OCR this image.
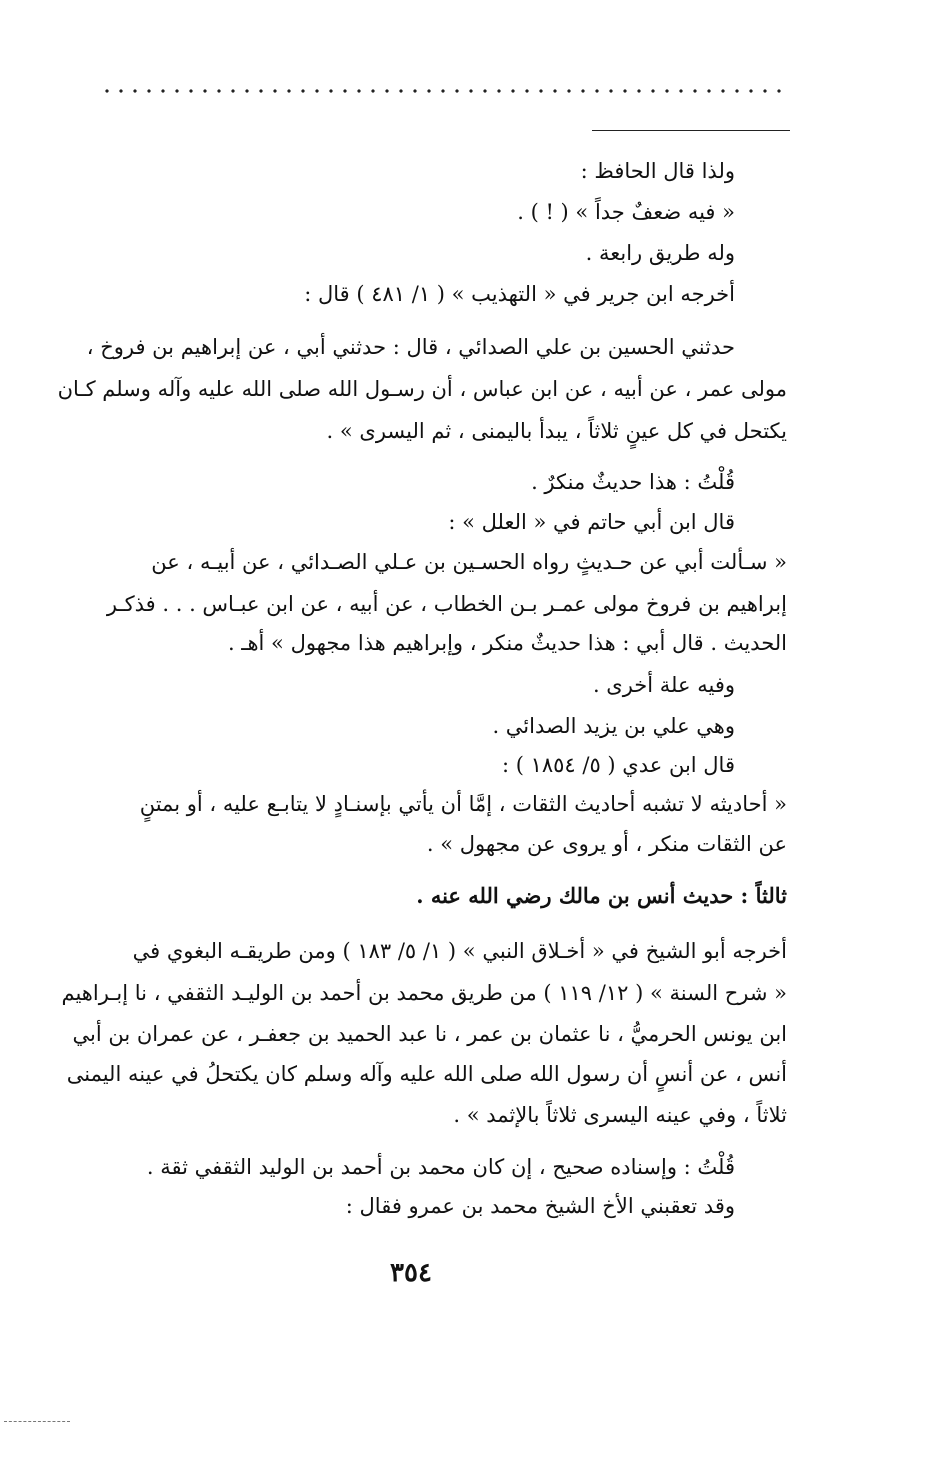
ولذا قال الحافظ :
« فيه ضعفٌ جداً » ( ! ) .
وله طريق رابعة .
أخرجه ابن جرير في « التهذيب » ( ١/ ٤٨١ ) قال :
حدثني الحسين بن علي الصدائي ، قال : حدثني أبي ، عن إبراهيم بن فروخ ،
مولى عمر ، عن أبيه ، عن ابن عباس ، أن رسـول الله صلى الله عليه وآله وسلم كـان
يكتحل في كل عينٍ ثلاثاً ، يبدأ باليمنى ، ثم اليسرى » .
قُلْتُ : هذا حديثٌ منكرٌ .
قال ابن أبي حاتم في « العلل » :
« سـألت أبي عن حـديثٍ رواه الحسـين بن عـلي الصـدائي ، عن أبيـه ، عن
إبراهيم بن فروخ مولى عمـر بـن الخطاب ، عن أبيه ، عن ابن عبـاس . . . فذكـر
الحديث . قال أبي : هذا حديثٌ منكر ، وإبراهيم هذا مجهول » أهـ .
وفيه علة أخرى .
وهي علي بن يزيد الصدائي .
قال ابن عدي ( ٥/ ١٨٥٤ ) :
« أحاديثه لا تشبه أحاديث الثقات ، إمَّا أن يأتي بإسنـادٍ لا يتابـع عليه ، أو بمتنٍ
عن الثقات منكر ، أو يروى عن مجهول » .
ثالثاً : حديث أنس بن مالك رضي الله عنه .
أخرجه أبو الشيخ في « أخـلاق النبي » ( ١/ ٥/ ١٨٣ ) ومن طريقـه البغوي في
« شرح السنة » ( ١٢/ ١١٩ ) من طريق محمد بن أحمد بن الوليـد الثقفي ، نا إبـراهيم
ابن يونس الحرميُّ ، نا عثمان بن عمر ، نا عبد الحميد بن جعفـر ، عن عمران بن أبي
أنس ، عن أنسٍ أن رسول الله صلى الله عليه وآله وسلم كان يكتحلُ في عينه اليمنى
ثلاثاً ، وفي عينه اليسرى ثلاثاً بالإثمد » .
قُلْتُ : وإسناده صحيح ، إن كان محمد بن أحمد بن الوليد الثقفي ثقة .
وقد تعقبني الأخ الشيخ محمد بن عمرو فقال :
٣٥٤
